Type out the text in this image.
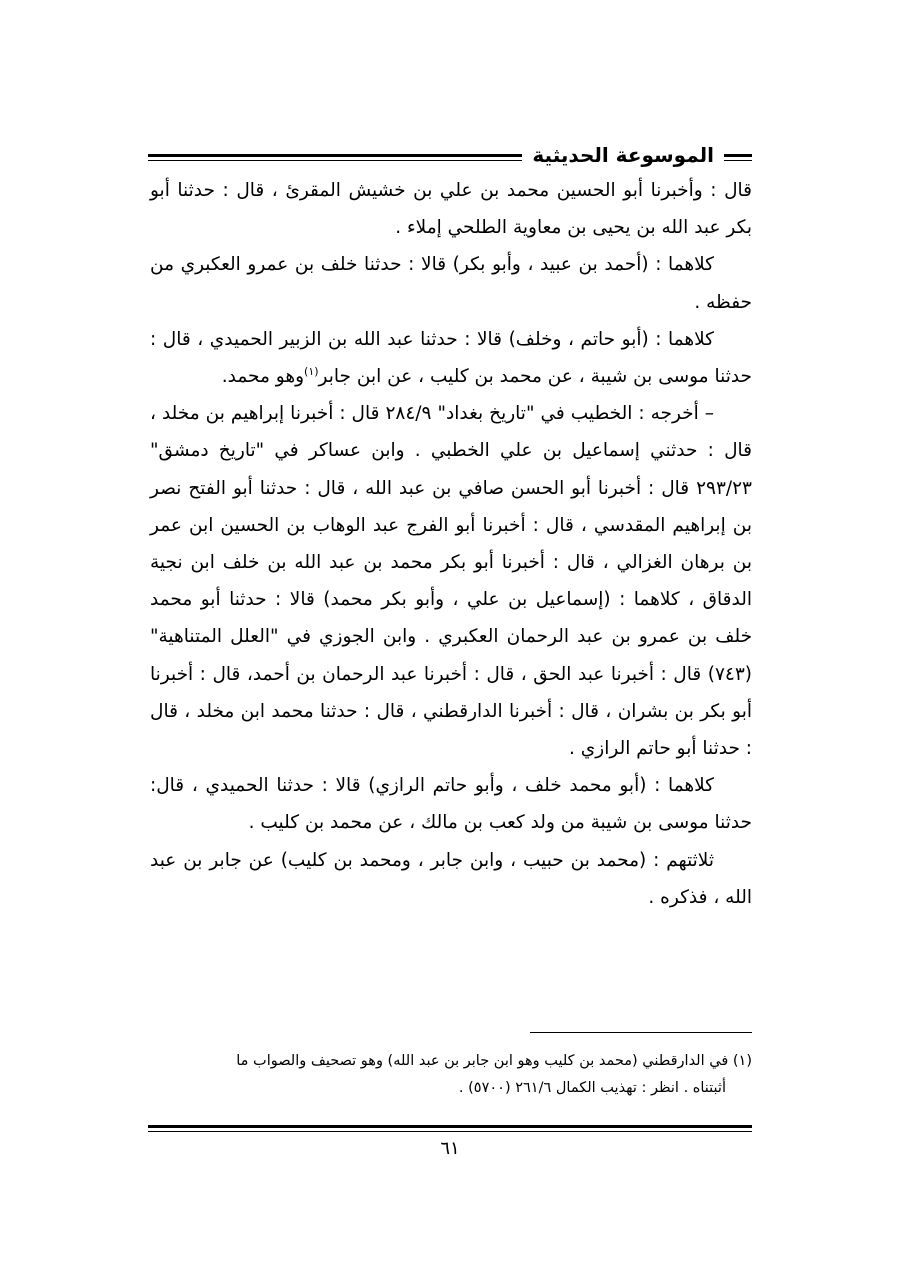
الموسوعة الحديثية

قال : وأخبرنا أبو الحسين محمد بن علي بن خشيش المقرئ ، قال : حدثنا أبو بكر عبد الله بن يحيى بن معاوية الطلحي إملاء .

كلاهما : (أحمد بن عبيد ، وأبو بكر) قالا : حدثنا خلف بن عمرو العكبري من حفظه .

كلاهما : (أبو حاتم ، وخلف) قالا : حدثنا عبد الله بن الزبير الحميدي ، قال : حدثنا موسى بن شيبة ، عن محمد بن كليب ، عن ابن جابر$^{(١)}$وهو محمد.

– أخرجه : الخطيب في "تاريخ بغداد" ٢٨٤/٩ قال : أخبرنا إبراهيم بن مخلد ، قال : حدثني إسماعيل بن علي الخطبي . وابن عساكر في "تاريخ دمشق" ٢٩٣/٢٣ قال : أخبرنا أبو الحسن صافي بن عبد الله ، قال : حدثنا أبو الفتح نصر بن إبراهيم المقدسي ، قال : أخبرنا أبو الفرج عبد الوهاب بن الحسين ابن عمر بن برهان الغزالي ، قال : أخبرنا أبو بكر محمد بن عبد الله بن خلف ابن نجية الدقاق ، كلاهما : (إسماعيل بن علي ، وأبو بكر محمد) قالا : حدثنا أبو محمد خلف بن عمرو بن عبد الرحمان العكبري . وابن الجوزي في "العلل المتناهية" (٧٤٣) قال : أخبرنا عبد الحق ، قال : أخبرنا عبد الرحمان بن أحمد، قال : أخبرنا أبو بكر بن بشران ، قال : أخبرنا الدارقطني ، قال : حدثنا محمد ابن مخلد ، قال : حدثنا أبو حاتم الرازي .

كلاهما : (أبو محمد خلف ، وأبو حاتم الرازي) قالا : حدثنا الحميدي ، قال: حدثنا موسى بن شيبة من ولد كعب بن مالك ، عن محمد بن كليب .

ثلاثتهم : (محمد بن حبيب ، وابن جابر ، ومحمد بن كليب) عن جابر بن عبد الله ، فذكره .

(١) في الدارقطني (محمد بن كليب وهو ابن جابر بن عبد الله) وهو تصحيف والصواب ما

أثبتناه . انظر : تهذيب الكمال ٢٦١/٦ (٥٧٠٠) .

٦١
